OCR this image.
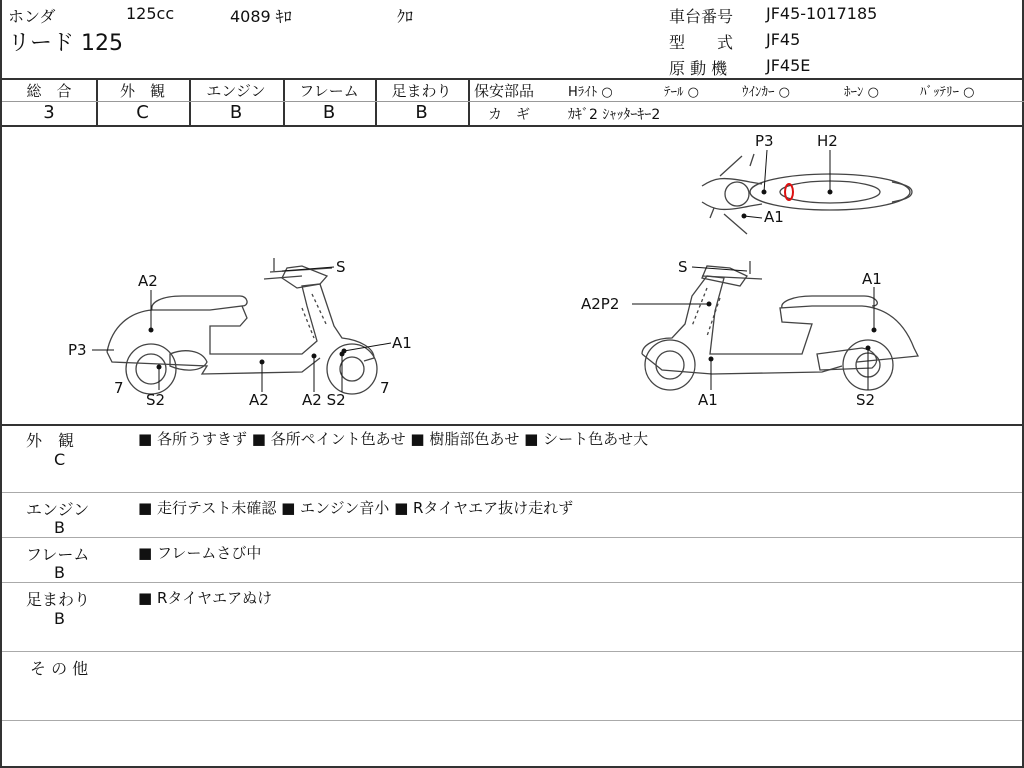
ホンダ	125cc	4089 ｷﾛ	ｸﾛ
リード 125
車台番号 JF45-1017185
型　　式 JF45
原 動 機 JF45E
総　合	外　観	エンジン	フレーム	足まわり
3	C	B	B	B
保安部品	Hﾗｲﾄ ○	ﾃｰﾙ ○	ｳｲﾝｶｰ ○	ﾎｰﾝ ○	ﾊﾞｯﾃﾘｰ ○
カ　ギ	ｶｷﾞ2 ｼｬｯﾀｰｷｰ2
P3	H2
A1
S
A2
A1
P3
7
S2	A2 A2 S2
7
S
A2P2
A1
A1	S2
外　観
C
■ 各所うすきず ■ 各所ペイント色あせ ■ 樹脂部色あせ ■ シート色あせ大
エンジン
B
■ 走行テスト未確認 ■ エンジン音小 ■ Rタイヤエア抜け走れず
フレーム
B
■ フレームさび中
足まわり
B
■ Rタイヤエアぬけ
そ の 他
